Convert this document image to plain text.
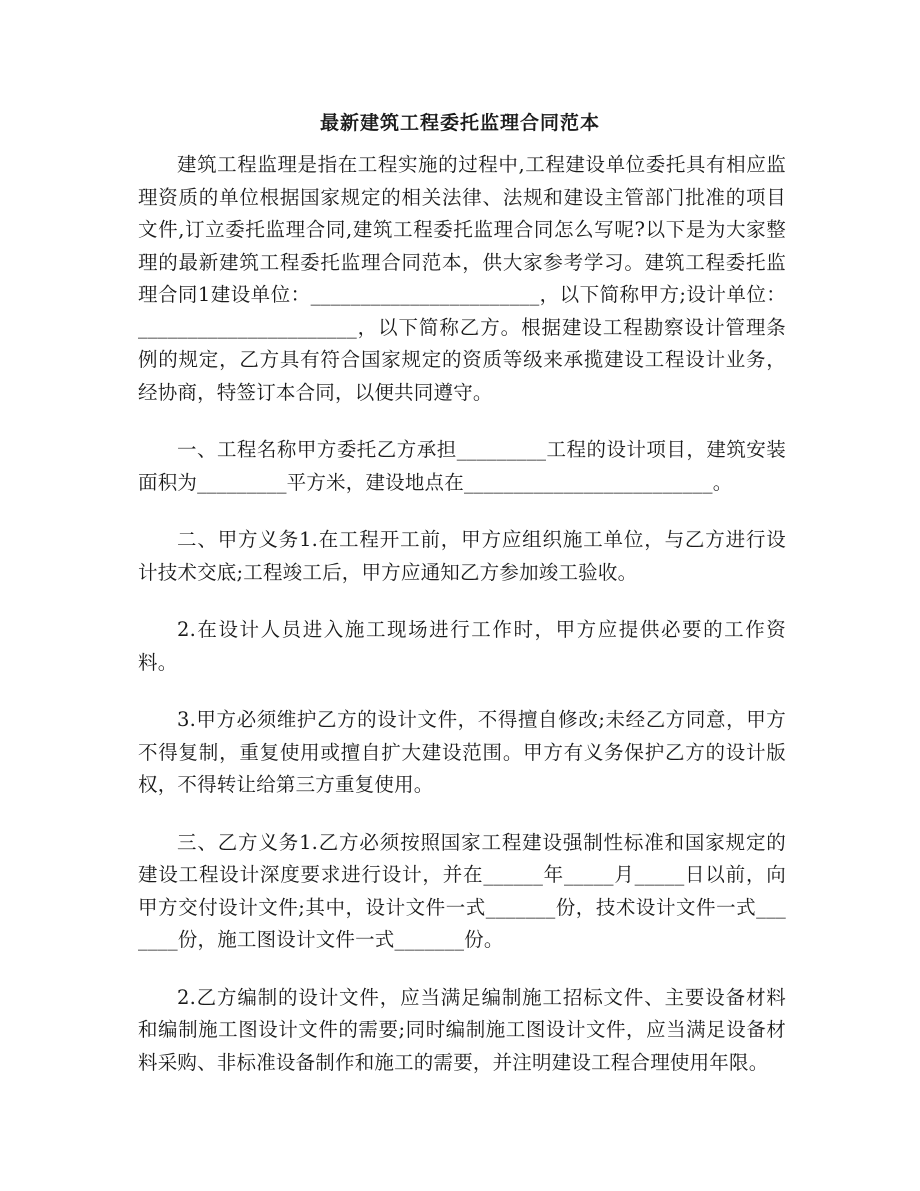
最新建筑工程委托监理合同范本

建筑工程监理是指在工程实施的过程中,工程建设单位委托具有相应监理资质的单位根据国家规定的相关法律、法规和建设主管部门批准的项目文件,订立委托监理合同,建筑工程委托监理合同怎么写呢?以下是为大家整理的最新建筑工程委托监理合同范本，供大家参考学习。建筑工程委托监理合同1建设单位：_______________________，以下简称甲方;设计单位：______________________，以下简称乙方。根据建设工程勘察设计管理条例的规定，乙方具有符合国家规定的资质等级来承揽建设工程设计业务，经协商，特签订本合同，以便共同遵守。

一、工程名称甲方委托乙方承担_________工程的设计项目，建筑安装面积为_________平方米，建设地点在_________________________。

二、甲方义务1.在工程开工前，甲方应组织施工单位，与乙方进行设计技术交底;工程竣工后，甲方应通知乙方参加竣工验收。

2.在设计人员进入施工现场进行工作时，甲方应提供必要的工作资料。

3.甲方必须维护乙方的设计文件，不得擅自修改;未经乙方同意，甲方不得复制，重复使用或擅自扩大建设范围。甲方有义务保护乙方的设计版权，不得转让给第三方重复使用。

三、乙方义务1.乙方必须按照国家工程建设强制性标准和国家规定的建设工程设计深度要求进行设计，并在______年_____月_____日以前，向甲方交付设计文件;其中，设计文件一式_______份，技术设计文件一式_______份，施工图设计文件一式_______份。

2.乙方编制的设计文件，应当满足编制施工招标文件、主要设备材料和编制施工图设计文件的需要;同时编制施工图设计文件，应当满足设备材料采购、非标准设备制作和施工的需要，并注明建设工程合理使用年限。
